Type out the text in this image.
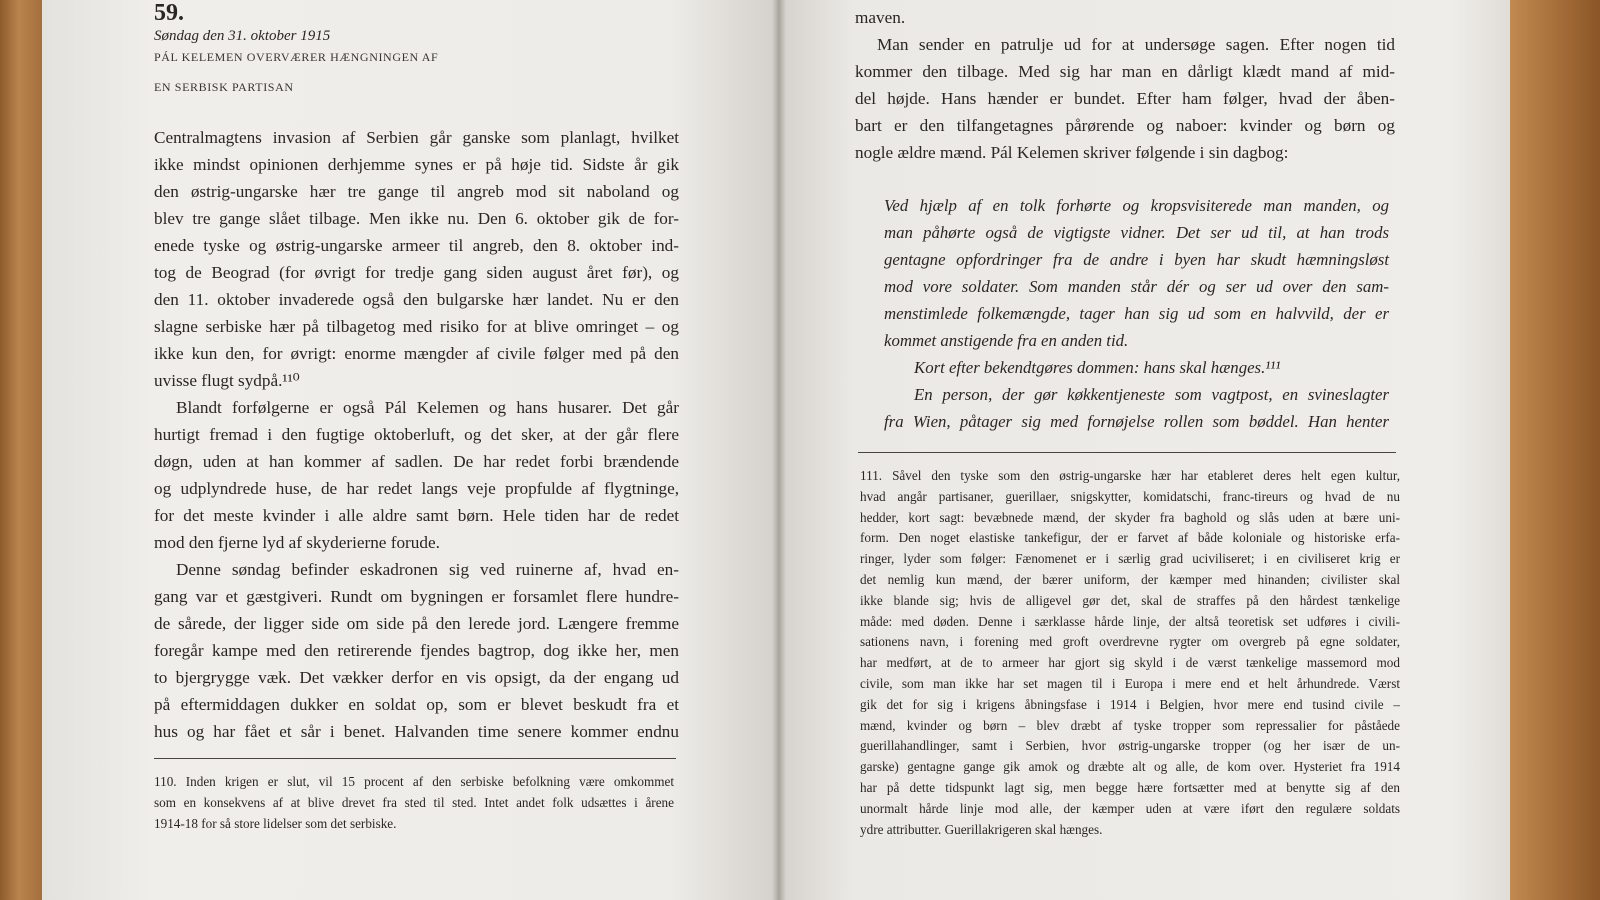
59.
Søndag den 31. oktober 1915
PÁL KELEMEN OVERVÆRER HÆNGNINGEN AF
EN SERBISK PARTISAN
Centralmagtens invasion af Serbien går ganske som planlagt, hvilket
ikke mindst opinionen derhjemme synes er på høje tid. Sidste år gik
den østrig-ungarske hær tre gange til angreb mod sit naboland og
blev tre gange slået tilbage. Men ikke nu. Den 6. oktober gik de for-
enede tyske og østrig-ungarske armeer til angreb, den 8. oktober ind-
tog de Beograd (for øvrigt for tredje gang siden august året før), og
den 11. oktober invaderede også den bulgarske hær landet. Nu er den
slagne serbiske hær på tilbagetog med risiko for at blive omringet – og
ikke kun den, for øvrigt: enorme mængder af civile følger med på den
uvisse flugt sydpå.¹¹⁰
Blandt forfølgerne er også Pál Kelemen og hans husarer. Det går
hurtigt fremad i den fugtige oktoberluft, og det sker, at der går flere
døgn, uden at han kommer af sadlen. De har redet forbi brændende
og udplyndrede huse, de har redet langs veje propfulde af flygtninge,
for det meste kvinder i alle aldre samt børn. Hele tiden har de redet
mod den fjerne lyd af skyderierne forude.
Denne søndag befinder eskadronen sig ved ruinerne af, hvad en-
gang var et gæstgiveri. Rundt om bygningen er forsamlet flere hundre-
de sårede, der ligger side om side på den lerede jord. Længere fremme
foregår kampe med den retirerende fjendes bagtrop, dog ikke her, men
to bjergrygge væk. Det vækker derfor en vis opsigt, da der engang ud
på eftermiddagen dukker en soldat op, som er blevet beskudt fra et
hus og har fået et sår i benet. Halvanden time senere kommer endnu
110. Inden krigen er slut, vil 15 procent af den serbiske befolkning være omkommet
som en konsekvens af at blive drevet fra sted til sted. Intet andet folk udsættes i årene
1914-18 for så store lidelser som det serbiske.
maven.
Man sender en patrulje ud for at undersøge sagen. Efter nogen tid
kommer den tilbage. Med sig har man en dårligt klædt mand af mid-
del højde. Hans hænder er bundet. Efter ham følger, hvad der åben-
bart er den tilfangetagnes pårørende og naboer: kvinder og børn og
nogle ældre mænd. Pál Kelemen skriver følgende i sin dagbog:
Ved hjælp af en tolk forhørte og kropsvisiterede man manden, og
man påhørte også de vigtigste vidner. Det ser ud til, at han trods
gentagne opfordringer fra de andre i byen har skudt hæmningsløst
mod vore soldater. Som manden står dér og ser ud over den sam-
menstimlede folkemængde, tager han sig ud som en halvvild, der er
kommet anstigende fra en anden tid.
Kort efter bekendtgøres dommen: hans skal hænges.¹¹¹
En person, der gør køkkentjeneste som vagtpost, en svineslagter
fra Wien, påtager sig med fornøjelse rollen som bøddel. Han henter
111. Såvel den tyske som den østrig-ungarske hær har etableret deres helt egen kultur,
hvad angår partisaner, guerillaer, snigskytter, komidatschi, franc-tireurs og hvad de nu
hedder, kort sagt: bevæbnede mænd, der skyder fra baghold og slås uden at bære uni-
form. Den noget elastiske tankefigur, der er farvet af både koloniale og historiske erfa-
ringer, lyder som følger: Fænomenet er i særlig grad uciviliseret; i en civiliseret krig er
det nemlig kun mænd, der bærer uniform, der kæmper med hinanden; civilister skal
ikke blande sig; hvis de alligevel gør det, skal de straffes på den hårdest tænkelige
måde: med døden. Denne i særklasse hårde linje, der altså teoretisk set udføres i civili-
sationens navn, i forening med groft overdrevne rygter om overgreb på egne soldater,
har medført, at de to armeer har gjort sig skyld i de værst tænkelige massemord mod
civile, som man ikke har set magen til i Europa i mere end et helt århundrede. Værst
gik det for sig i krigens åbningsfase i 1914 i Belgien, hvor mere end tusind civile –
mænd, kvinder og børn – blev dræbt af tyske tropper som repressalier for påståede
guerillahandlinger, samt i Serbien, hvor østrig-ungarske tropper (og her især de un-
garske) gentagne gange gik amok og dræbte alt og alle, de kom over. Hysteriet fra 1914
har på dette tidspunkt lagt sig, men begge hære fortsætter med at benytte sig af den
unormalt hårde linje mod alle, der kæmper uden at være iført den regulære soldats
ydre attributter. Guerillakrigeren skal hænges.
